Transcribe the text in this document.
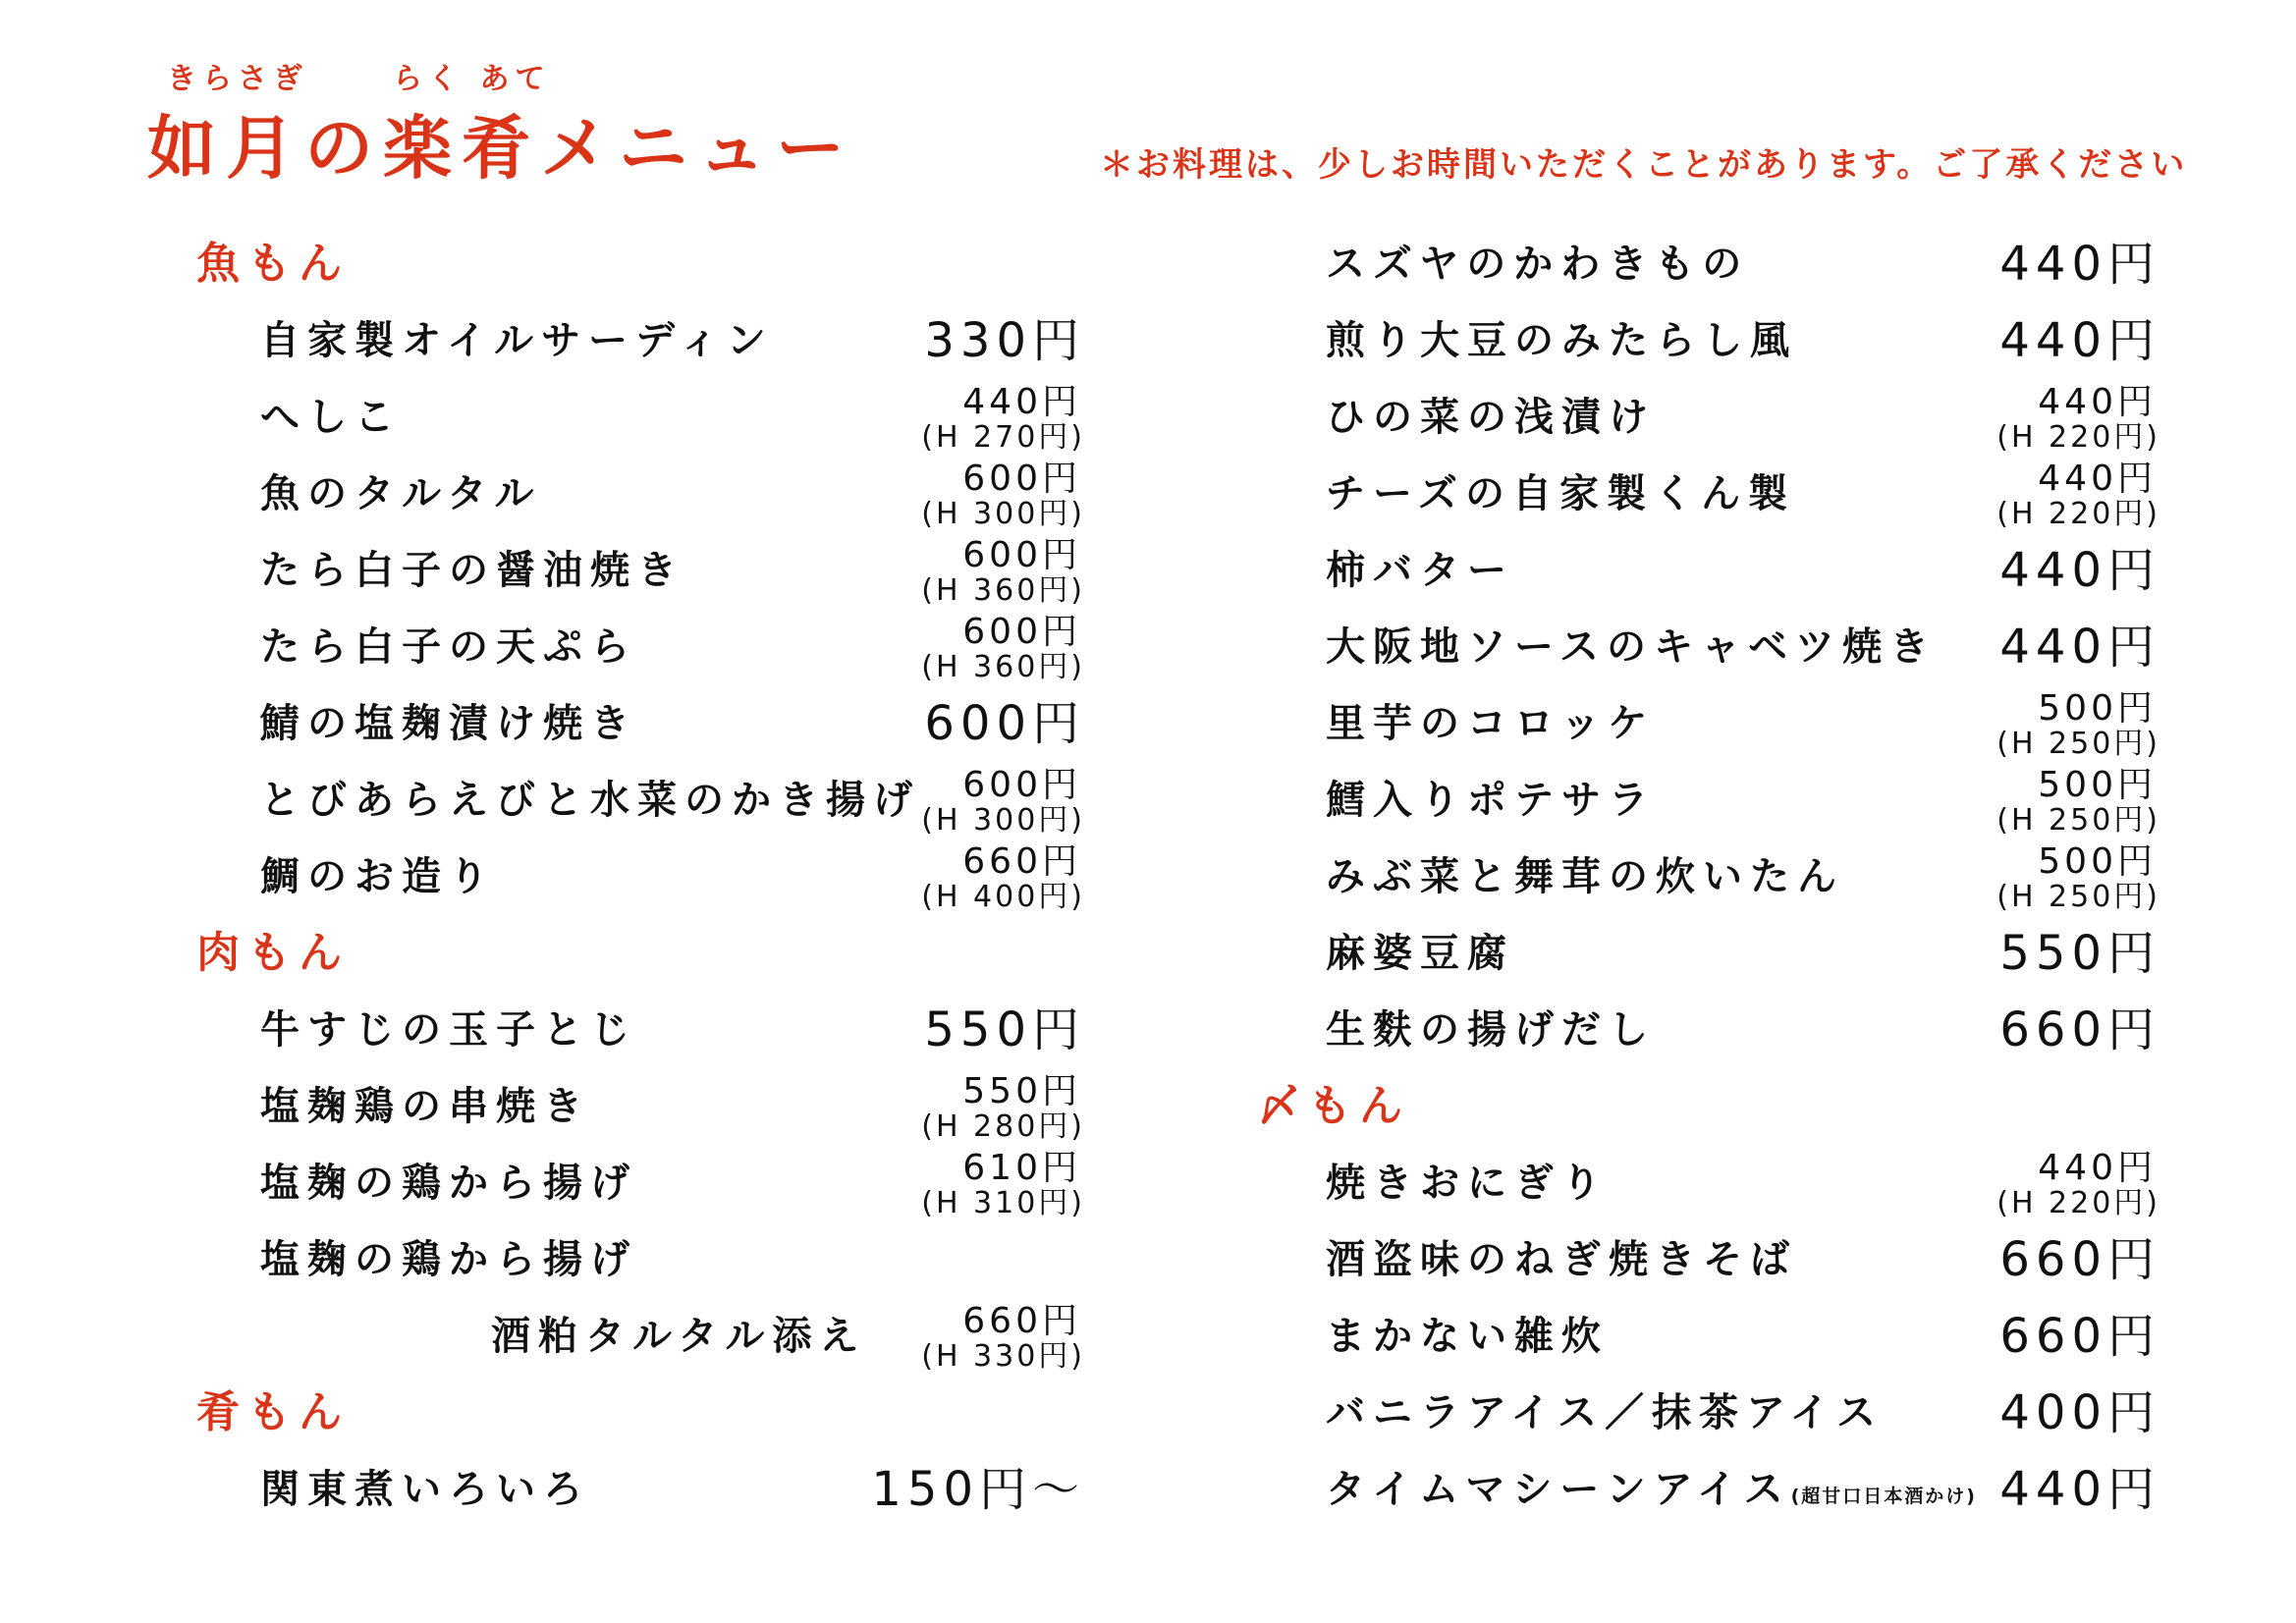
きらさぎ	らく あて
如月の楽肴メニュー	＊お料理は、少しお時間いただくことがあります。ご了承ください
魚もん
自家製オイルサーディン	330円
へしこ	440円
(H 270円)
魚のタルタル	600円
(H 300円)
たら白子の醤油焼き	600円
(H 360円)
たら白子の天ぷら	600円
(H 360円)
鯖の塩麹漬け焼き	600円
とびあらえびと水菜のかき揚げ	600円
(H 300円)
鯛のお造り	660円
(H 400円)
肉もん
牛すじの玉子とじ	550円
塩麹鶏の串焼き	550円
(H 280円)
塩麹の鶏から揚げ	610円
(H 310円)
塩麹の鶏から揚げ
酒粕タルタル添え	660円
(H 330円)
肴もん
関東煮いろいろ	150円〜
スズヤのかわきもの	440円
煎り大豆のみたらし風	440円
ひの菜の浅漬け	440円
(H 220円)
チーズの自家製くん製	440円
(H 220円)
柿バター	440円
大阪地ソースのキャベツ焼き 440円
里芋のコロッケ	500円
(H 250円)
鱈入りポテサラ	500円
(H 250円)
みぶ菜と舞茸の炊いたん	500円
(H 250円)
麻婆豆腐	550円
生麩の揚げだし	660円
〆もん
焼きおにぎり	440円
(H 220円)
酒盗味のねぎ焼きそば	660円
まかない雑炊	660円
バニラアイス／抹茶アイス 400円
タイムマシーンアイス(超甘口日本酒かけ) 440円
